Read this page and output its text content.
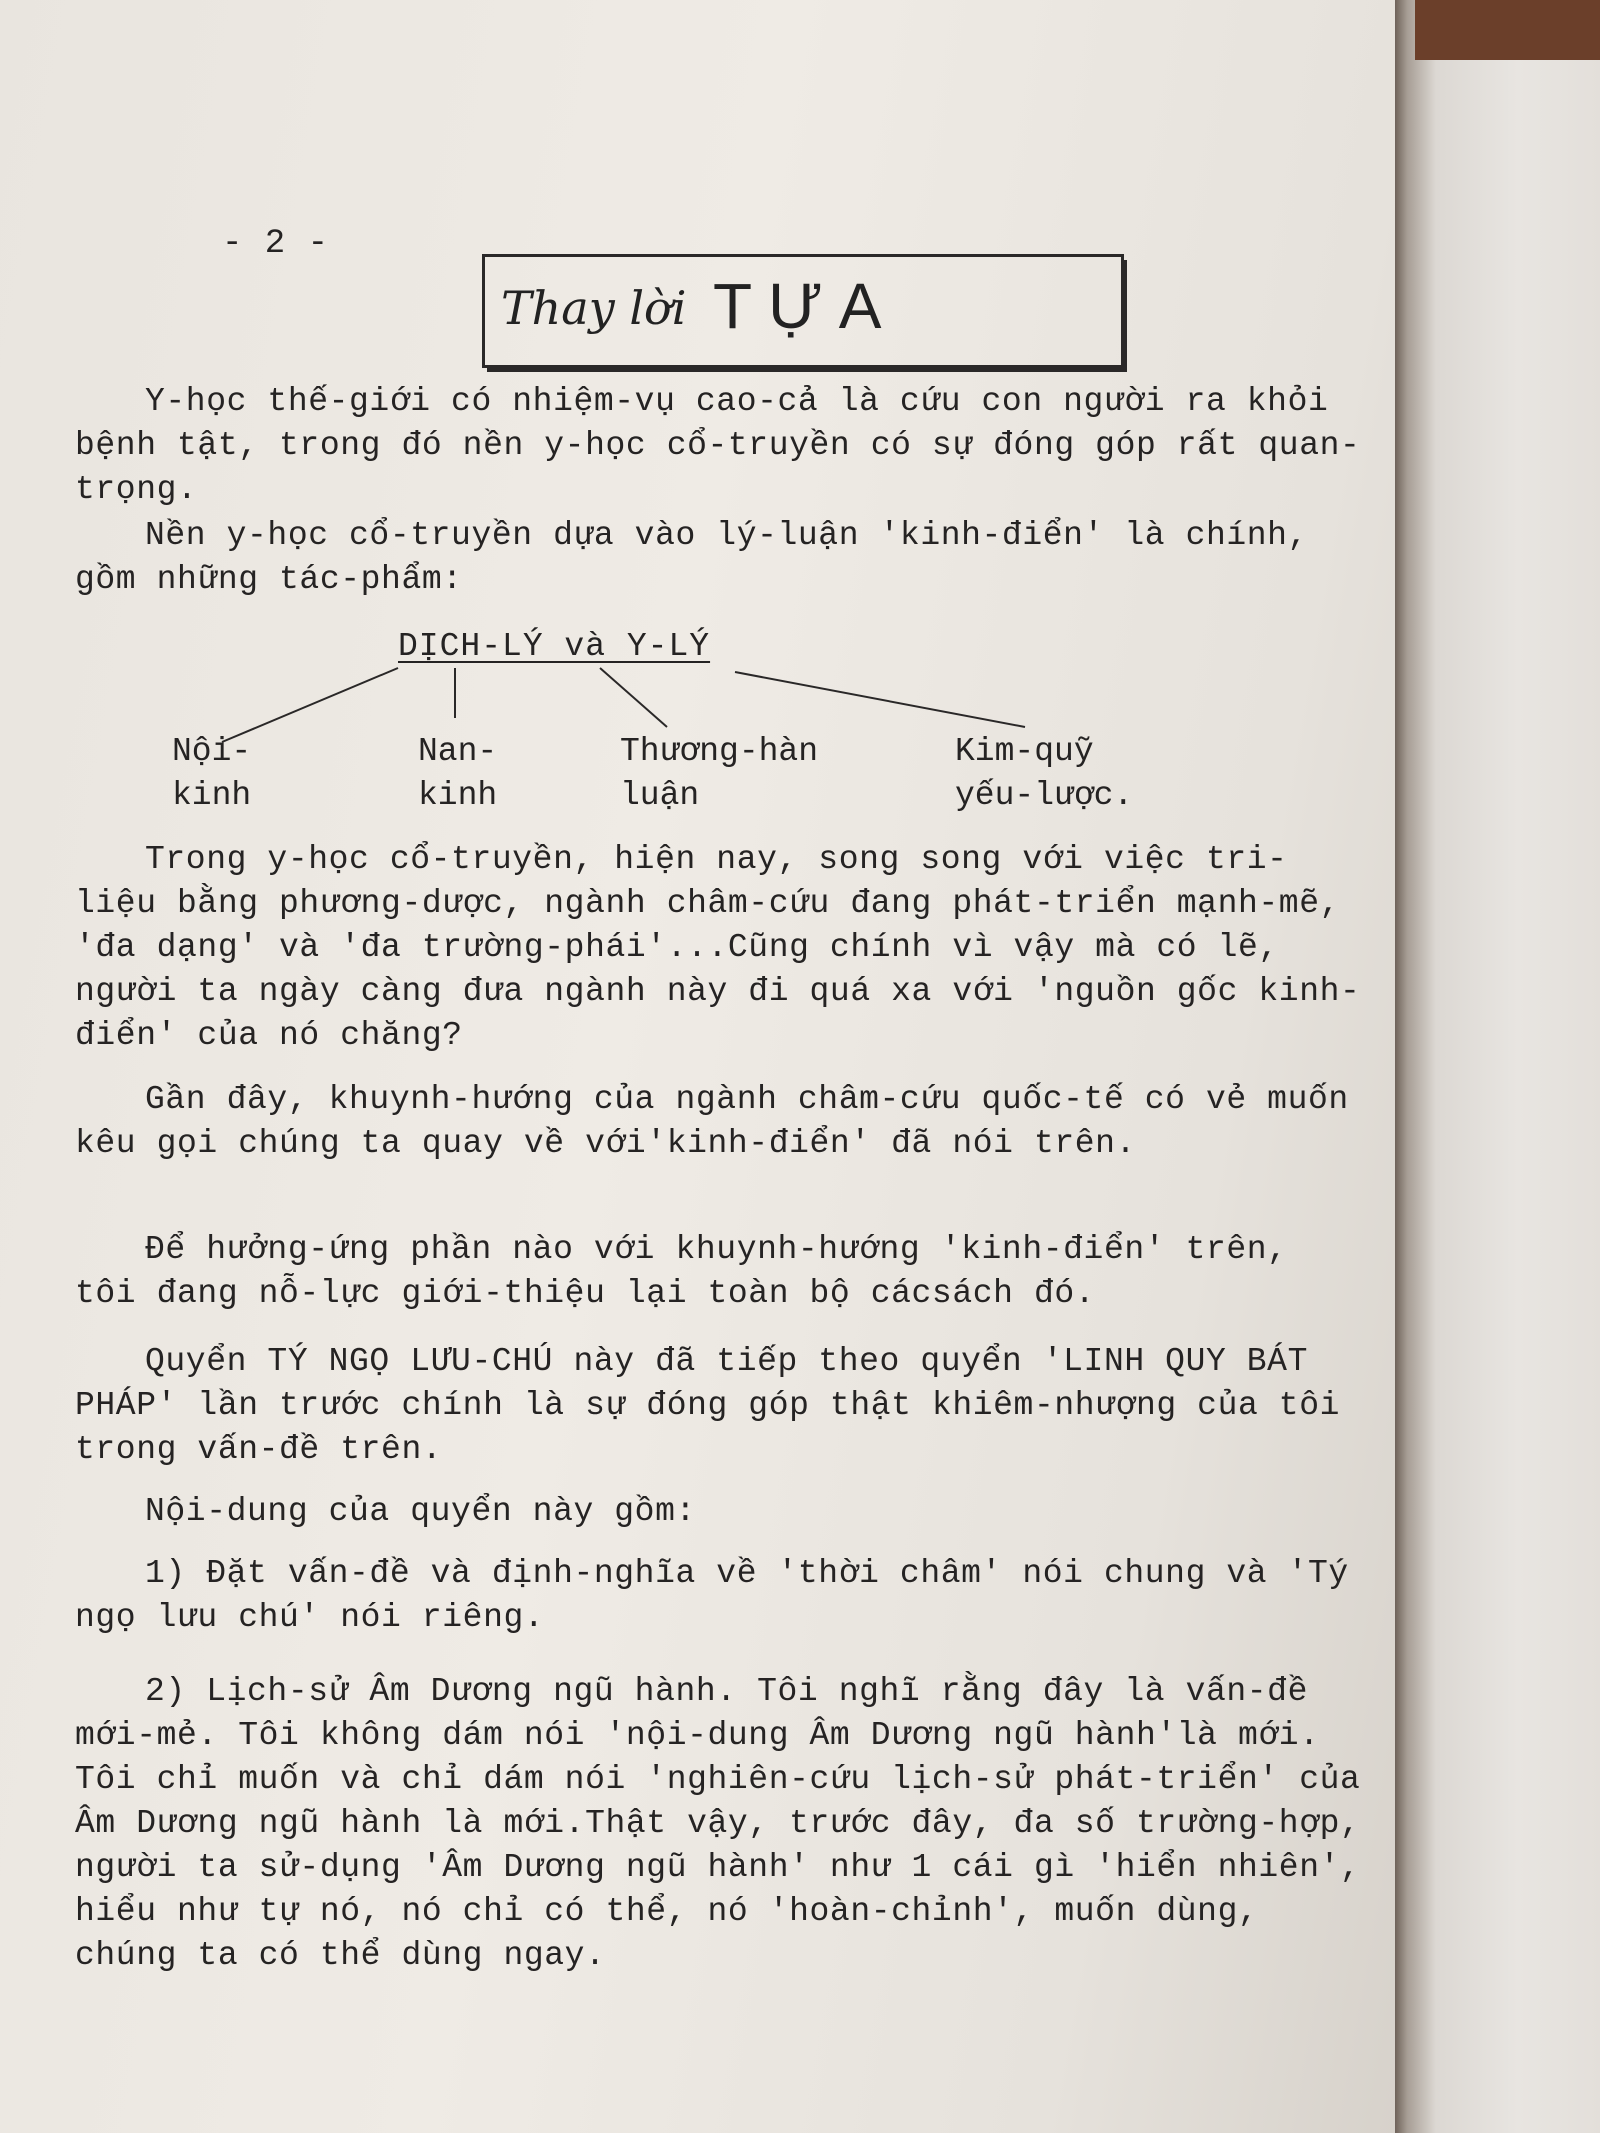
- 2 -
Thay lời TỰA
Y-học thế-giới có nhiệm-vụ cao-cả là cứu con người ra khỏi bệnh tật, trong đó nền y-học cổ-truyền có sự đóng góp rất quan-trọng.
Nền y-học cổ-truyền dựa vào lý-luận 'kinh-điển' là chính, gồm những tác-phẩm:
DỊCH-LÝ và Y-LÝ
Nội-
kinh
Nan-
kinh
Thương-hàn
luận
Kim-quỹ
yếu-lược.
Trong y-học cổ-truyền, hiện nay, song song với việc tri-liệu bằng phương-dược, ngành châm-cứu đang phát-triển mạnh-mẽ, 'đa dạng' và 'đa trường-phái'...Cũng chính vì vậy mà có lẽ, người ta ngày càng đưa ngành này đi quá xa với 'nguồn gốc kinh-điển' của nó chăng?
Gần đây, khuynh-hướng của ngành châm-cứu quốc-tế có vẻ muốn kêu gọi chúng ta quay về với'kinh-điển' đã nói trên.
Để hưởng-ứng phần nào với khuynh-hướng 'kinh-điển' trên, tôi đang nỗ-lực giới-thiệu lại toàn bộ cácsách đó.
Quyển TÝ NGỌ LƯU-CHÚ này đã tiếp theo quyển 'LINH QUY BÁT PHÁP' lần trước chính là sự đóng góp thật khiêm-nhượng của tôi trong vấn-đề trên.
Nội-dung của quyển này gồm:
1) Đặt vấn-đề và định-nghĩa về 'thời châm' nói chung và 'Tý ngọ lưu chú' nói riêng.
2) Lịch-sử Âm Dương ngũ hành. Tôi nghĩ rằng đây là vấn-đề mới-mẻ. Tôi không dám nói 'nội-dung Âm Dương ngũ hành'là mới. Tôi chỉ muốn và chỉ dám nói 'nghiên-cứu lịch-sử phát-triển' của Âm Dương ngũ hành là mới.Thật vậy, trước đây, đa số trường-hợp, người ta sử-dụng 'Âm Dương ngũ hành' như 1 cái gì 'hiển nhiên', hiểu như tự nó, nó chỉ có thể, nó 'hoàn-chỉnh', muốn dùng, chúng ta có thể dùng ngay.
